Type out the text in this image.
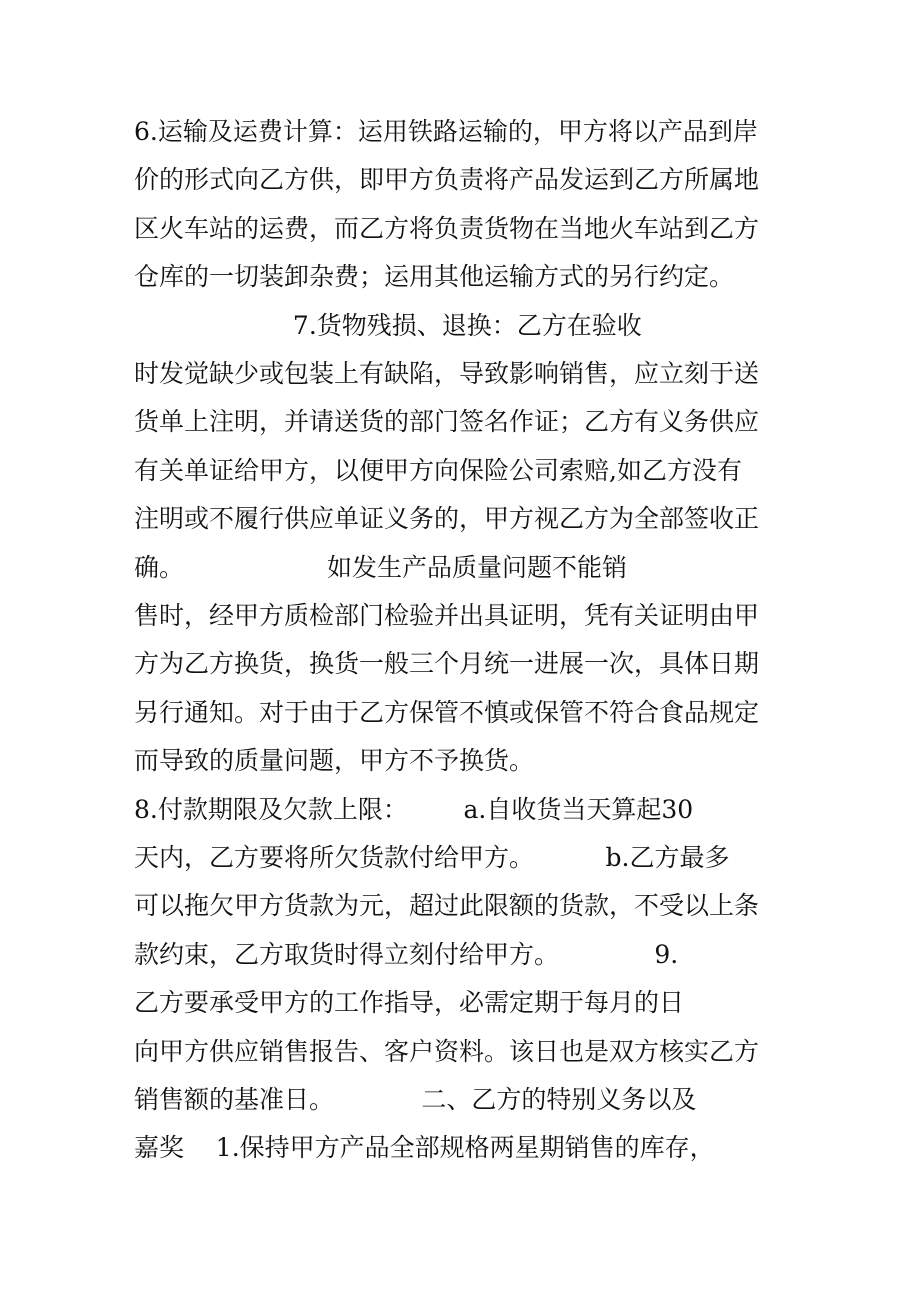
6.运输及运费计算：运用铁路运输的，甲方将以产品到岸
价的形式向乙方供，即甲方负责将产品发运到乙方所属地
区火车站的运费，而乙方将负责货物在当地火车站到乙方
仓库的一切装卸杂费；运用其他运输方式的另行约定。
7.货物残损、退换：乙方在验收
时发觉缺少或包装上有缺陷，导致影响销售，应立刻于送
货单上注明，并请送货的部门签名作证；乙方有义务供应
有关单证给甲方，以便甲方向保险公司索赔,如乙方没有
注明或不履行供应单证义务的，甲方视乙方为全部签收正
确。                  如发生产品质量问题不能销
售时，经甲方质检部门检验并出具证明，凭有关证明由甲
方为乙方换货，换货一般三个月统一进展一次，具体日期
另行通知。对于由于乙方保管不慎或保管不符合食品规定
而导致的质量问题，甲方不予换货。
8.付款期限及欠款上限：       a.自收货当天算起30
天内，乙方要将所欠货款付给甲方。         b.乙方最多
可以拖欠甲方货款为元，超过此限额的货款，不受以上条
款约束，乙方取货时得立刻付给甲方。            9.
乙方要承受甲方的工作指导，必需定期于每月的日
向甲方供应销售报告、客户资料。该日也是双方核实乙方
销售额的基准日。           二、乙方的特别义务以及
嘉奖    1.保持甲方产品全部规格两星期销售的库存，
